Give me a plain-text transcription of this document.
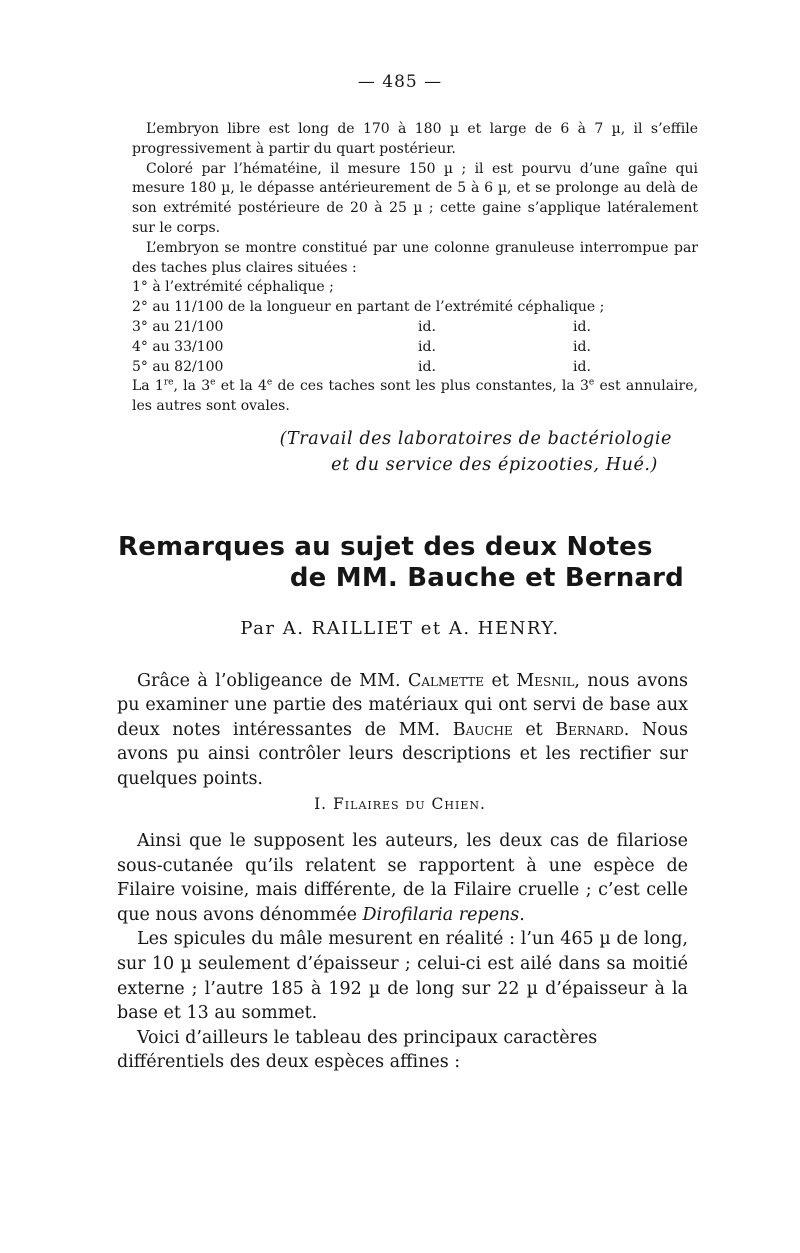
— 485 —

L’embryon libre est long de 170 à 180 µ et large de 6 à 7 µ, il s’effile progressivement à partir du quart postérieur.

Coloré par l’hématéine, il mesure 150 µ ; il est pourvu d’une gaîne qui mesure 180 µ, le dépasse antérieurement de 5 à 6 µ, et se prolonge au delà de son extrémité postérieure de 20 à 25 µ ; cette gaine s’applique latéralement sur le corps.

L’embryon se montre constitué par une colonne granuleuse interrompue par des taches plus claires situées :

1° à l’extrémité céphalique ;
2° au 11/100 de la longueur en partant de l’extrémité céphalique ;
3° au 21/100	id.	id.
4° au 33/100	id.	id.
5° au 82/100	id.	id.

La 1re, la 3e et la 4e de ces taches sont les plus constantes, la 3e est annulaire, les autres sont ovales.

(Travail des laboratoires de bactériologie
et du service des épizooties, Hué.)
Remarques au sujet des deux Notes
de MM. Bauche et Bernard
Par A. RAILLIET et A. HENRY.

Grâce à l’obligeance de MM. Calmette et Mesnil, nous avons pu examiner une partie des matériaux qui ont servi de base aux deux notes intéressantes de MM. Bauche et Bernard. Nous avons pu ainsi contrôler leurs descriptions et les rectifier sur quelques points.

I. Filaires du Chien.

Ainsi que le supposent les auteurs, les deux cas de filariose sous-cutanée qu’ils relatent se rapportent à une espèce de Filaire voisine, mais différente, de la Filaire cruelle ; c’est celle que nous avons dénommée Dirofilaria repens.

Les spicules du mâle mesurent en réalité : l’un 465 µ de long, sur 10 µ seulement d’épaisseur ; celui-ci est ailé dans sa moitié externe ; l’autre 185 à 192 µ de long sur 22 µ d’épaisseur à la base et 13 au sommet.

Voici d’ailleurs le tableau des principaux caractères différentiels des deux espèces affines :
